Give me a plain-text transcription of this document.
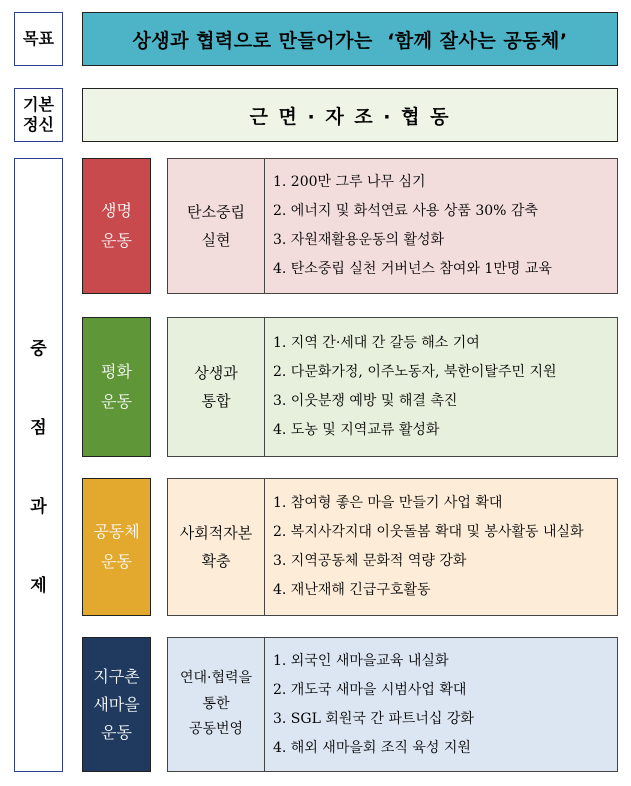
목표	상생과 협력으로 만들어가는  ‘함께 잘사는 공동체’
기본
정신	근 면 · 자 조 · 협 동
중
점
과
제
생명
운동
탄소중립
실현
1. 200만 그루 나무 심기
2. 에너지 및 화석연료 사용 상품 30% 감축
3. 자원재활용운동의 활성화
4. 탄소중립 실천 거버넌스 참여와 1만명 교육
평화
운동
상생과
통합
1. 지역 간·세대 간 갈등 해소 기여
2. 다문화가정, 이주노동자, 북한이탈주민 지원
3. 이웃분쟁 예방 및 해결 촉진
4. 도농 및 지역교류 활성화
공동체
운동
사회적자본
확충
1. 참여형 좋은 마을 만들기 사업 확대
2. 복지사각지대 이웃돌봄 확대 및 봉사활동 내실화
3. 지역공동체 문화적 역량 강화
4. 재난재해 긴급구호활동
지구촌
새마을
운동
연대·협력을
통한
공동번영
1. 외국인 새마을교육 내실화
2. 개도국 새마을 시범사업 확대
3. SGL 회원국 간 파트너십 강화
4. 해외 새마을회 조직 육성 지원
